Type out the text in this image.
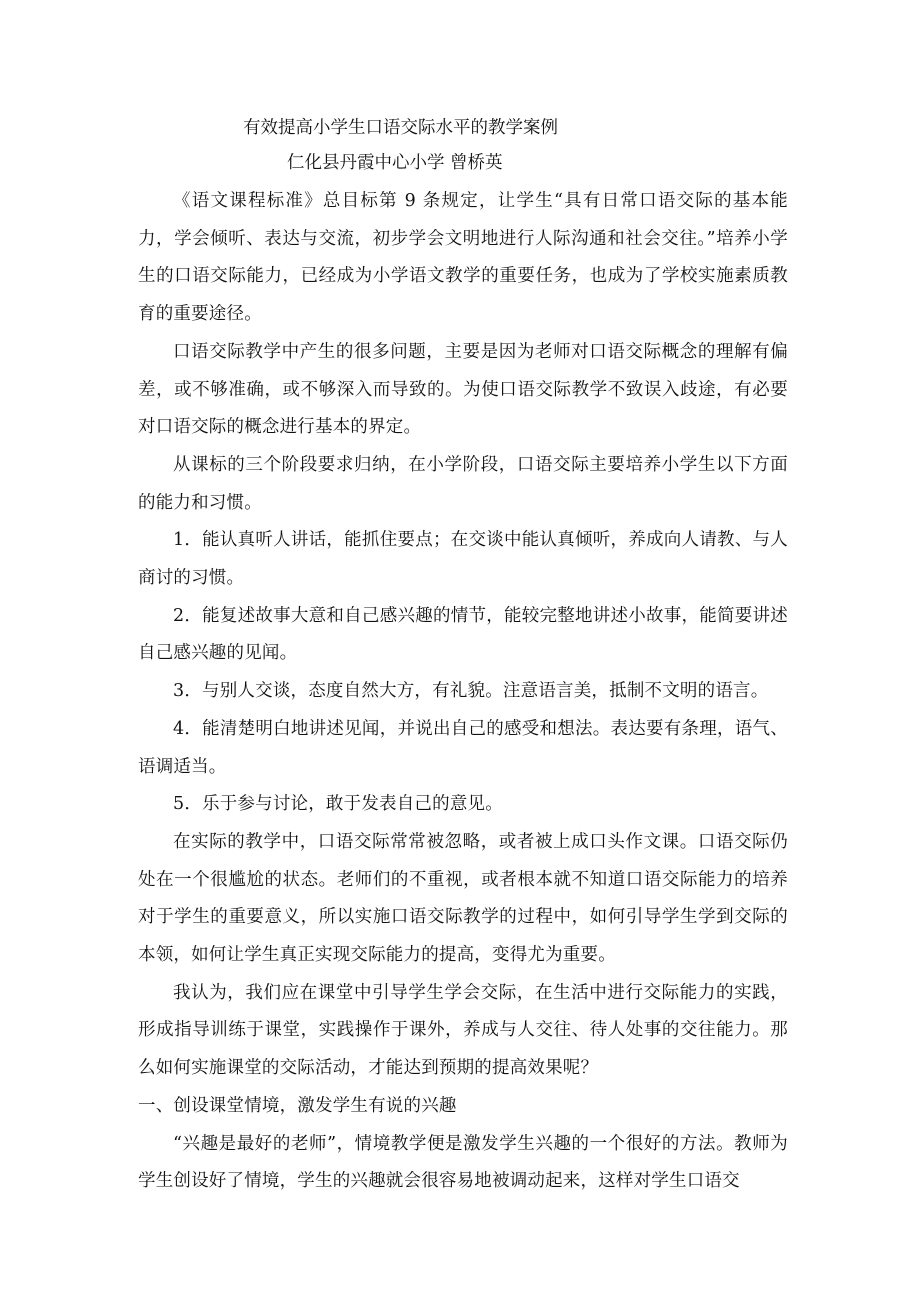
有效提高小学生口语交际水平的教学案例
仁化县丹霞中心小学 曾桥英

《语文课程标准》总目标第 9 条规定，让学生“具有日常口语交际的基本能力，学会倾听、表达与交流，初步学会文明地进行人际沟通和社会交往。”培养小学生的口语交际能力，已经成为小学语文教学的重要任务，也成为了学校实施素质教育的重要途径。

口语交际教学中产生的很多问题，主要是因为老师对口语交际概念的理解有偏差，或不够准确，或不够深入而导致的。为使口语交际教学不致误入歧途，有必要对口语交际的概念进行基本的界定。

从课标的三个阶段要求归纳，在小学阶段，口语交际主要培养小学生以下方面的能力和习惯。

1．能认真听人讲话，能抓住要点；在交谈中能认真倾听，养成向人请教、与人商讨的习惯。

2．能复述故事大意和自己感兴趣的情节，能较完整地讲述小故事，能简要讲述自己感兴趣的见闻。

3．与别人交谈，态度自然大方，有礼貌。注意语言美，抵制不文明的语言。

4．能清楚明白地讲述见闻，并说出自己的感受和想法。表达要有条理，语气、语调适当。

5．乐于参与讨论，敢于发表自己的意见。

在实际的教学中，口语交际常常被忽略，或者被上成口头作文课。口语交际仍处在一个很尴尬的状态。老师们的不重视，或者根本就不知道口语交际能力的培养对于学生的重要意义，所以实施口语交际教学的过程中，如何引导学生学到交际的本领，如何让学生真正实现交际能力的提高，变得尤为重要。

我认为，我们应在课堂中引导学生学会交际，在生活中进行交际能力的实践，形成指导训练于课堂，实践操作于课外，养成与人交往、待人处事的交往能力。那么如何实施课堂的交际活动，才能达到预期的提高效果呢？

一、创设课堂情境，激发学生有说的兴趣

“兴趣是最好的老师”，情境教学便是激发学生兴趣的一个很好的方法。教师为学生创设好了情境，学生的兴趣就会很容易地被调动起来，这样对学生口语交
